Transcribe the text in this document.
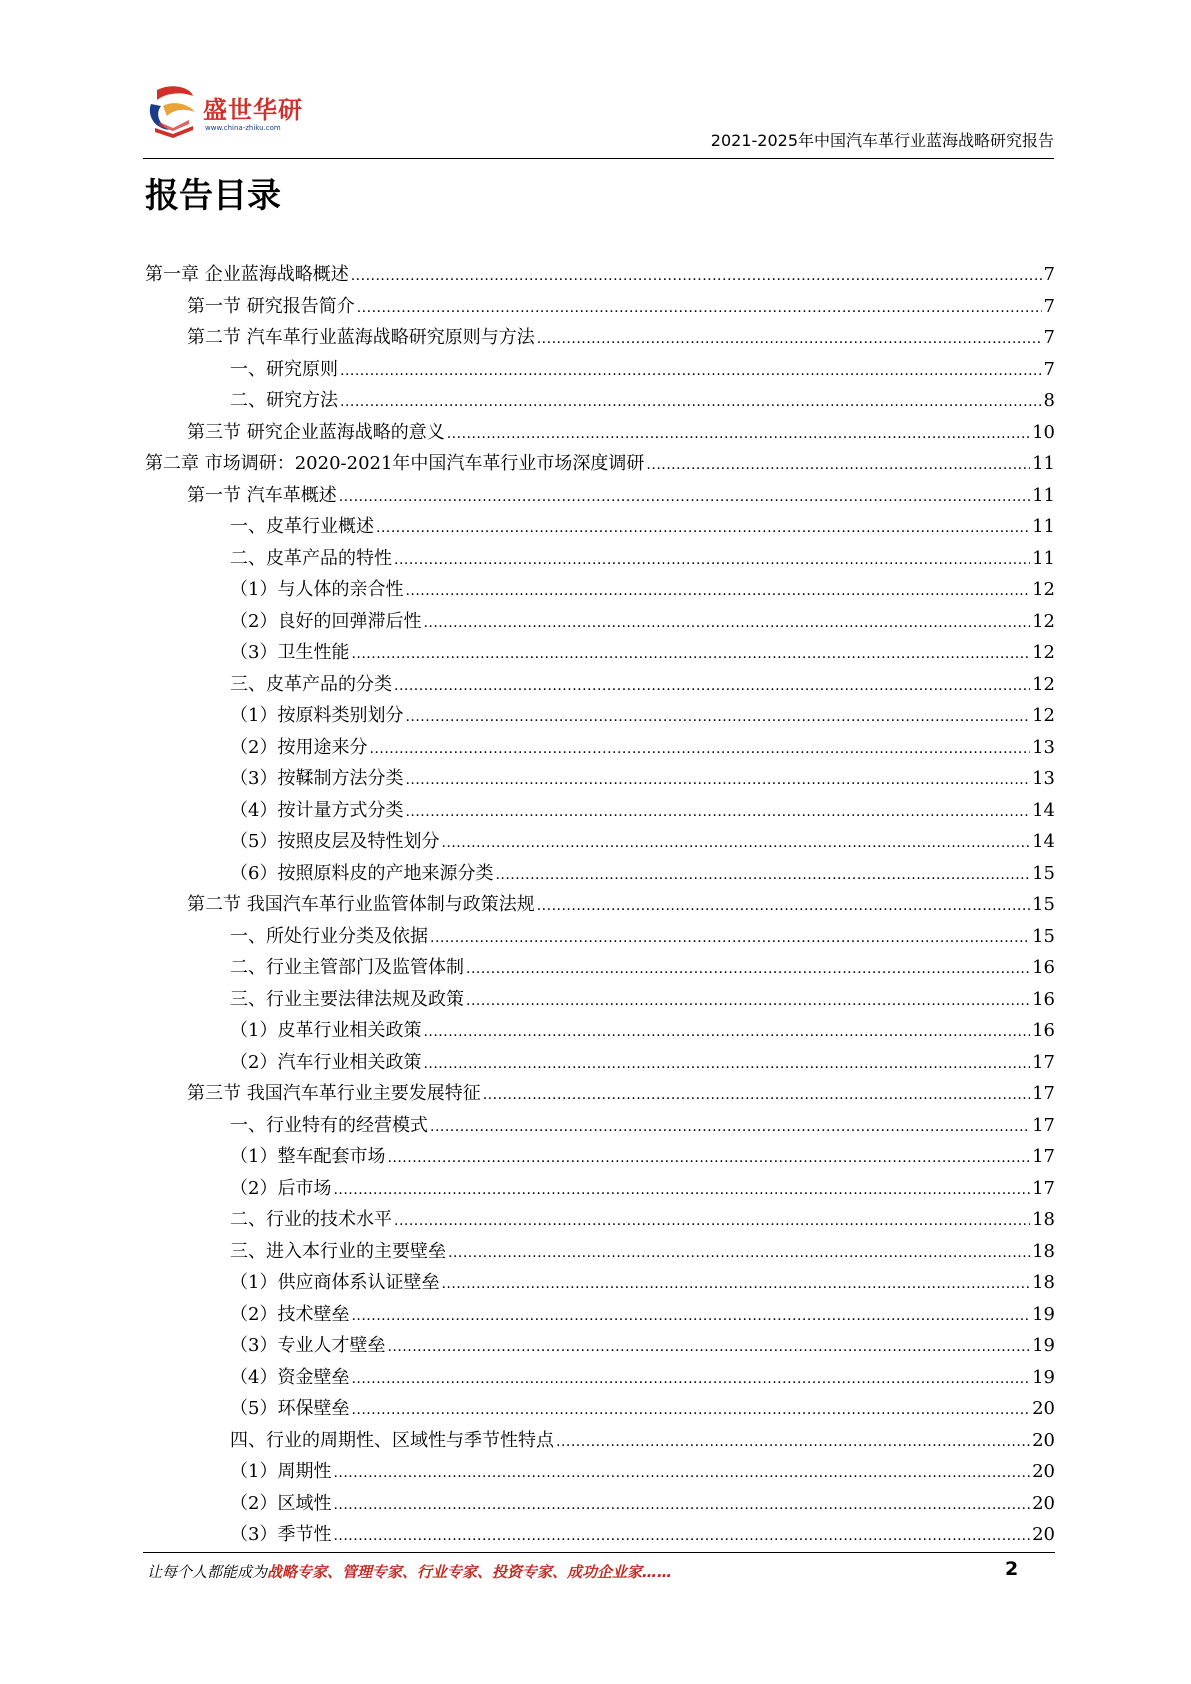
盛世华研
www.china-zhiku.com
2021-2025年中国汽车革行业蓝海战略研究报告
报告目录
第一章 企业蓝海战略概述 .....	7
第一节 研究报告简介 .....	7
第二节 汽车革行业蓝海战略研究原则与方法 .....	7
一、研究原则 .....	7
二、研究方法 .....	8
第三节 研究企业蓝海战略的意义 .....	10
第二章 市场调研：2020-2021年中国汽车革行业市场深度调研 .....	11
第一节 汽车革概述 .....	11
一、皮革行业概述 .....	11
二、皮革产品的特性 .....	11
（1）与人体的亲合性 .....	12
（2）良好的回弹滞后性 .....	12
（3）卫生性能 .....	12
三、皮革产品的分类 .....	12
（1）按原料类别划分 .....	12
（2）按用途来分 .....	13
（3）按鞣制方法分类 .....	13
（4）按计量方式分类 .....	14
（5）按照皮层及特性划分 .....	14
（6）按照原料皮的产地来源分类 .....	15
第二节 我国汽车革行业监管体制与政策法规 .....	15
一、所处行业分类及依据 .....	15
二、行业主管部门及监管体制 .....	16
三、行业主要法律法规及政策 .....	16
（1）皮革行业相关政策 .....	16
（2）汽车行业相关政策 .....	17
第三节 我国汽车革行业主要发展特征 .....	17
一、行业特有的经营模式 .....	17
（1）整车配套市场 .....	17
（2）后市场 .....	17
二、行业的技术水平 .....	18
三、进入本行业的主要壁垒 .....	18
（1）供应商体系认证壁垒 .....	18
（2）技术壁垒 .....	19
（3）专业人才壁垒 .....	19
（4）资金壁垒 .....	19
（5）环保壁垒 .....	20
四、行业的周期性、区域性与季节性特点 .....	20
（1）周期性 .....	20
（2）区域性 .....	20
（3）季节性 .....	20
让每个人都能成为战略专家、管理专家、行业专家、投资专家、成功企业家……	2
